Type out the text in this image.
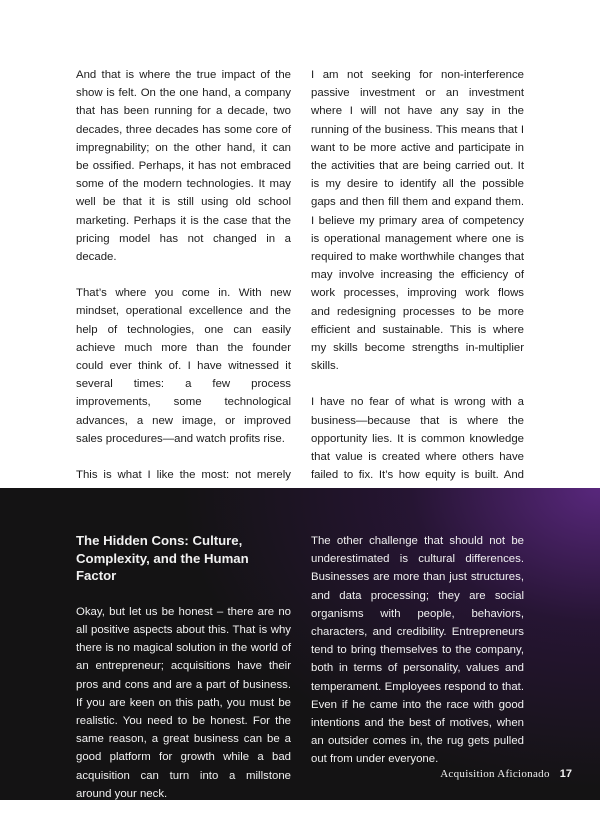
And that is where the true impact of the show is felt. On the one hand, a company that has been running for a decade, two decades, three decades has some core of impregnability; on the other hand, it can be ossified. Perhaps, it has not embraced some of the modern technologies. It may well be that it is still using old school marketing. Perhaps it is the case that the pricing model has not changed in a decade.

That’s where you come in. With new mindset, operational excellence and the help of technologies, one can easily achieve much more than the founder could ever think of. I have witnessed it several times: a few process improvements, some technological advances, a new image, or improved sales procedures—and watch profits rise.

This is what I like the most: not merely

I am not seeking for non-interference passive investment or an investment where I will not have any say in the running of the business. This means that I want to be more active and participate in the activities that are being carried out. It is my desire to identify all the possible gaps and then fill them and expand them. I believe my primary area of competency is operational management where one is required to make worthwhile changes that may involve increasing the efficiency of work processes, improving work flows and redesigning processes to be more efficient and sustainable. This is where my skills become strengths in-multiplier skills.

I have no fear of what is wrong with a business—because that is where the opportunity lies. It is common knowledge that value is created where others have failed to fix. It’s how equity is built. And

The Hidden Cons: Culture, Complexity, and the Human Factor

Okay, but let us be honest – there are no all positive aspects about this. That is why there is no magical solution in the world of an entrepreneur; acquisitions have their pros and cons and are a part of business. If you are keen on this path, you must be realistic. You need to be honest. For the same reason, a great business can be a good platform for growth while a bad acquisition can turn into a millstone around your neck.

The other challenge that should not be underestimated is cultural differences. Businesses are more than just structures, and data processing; they are social organisms with people, behaviors, characters, and credibility. Entrepreneurs tend to bring themselves to the company, both in terms of personality, values and temperament. Employees respond to that. Even if he came into the race with good intentions and the best of motives, when an outsider comes in, the rug gets pulled out from under everyone.

Acquisition Aficionado 17
